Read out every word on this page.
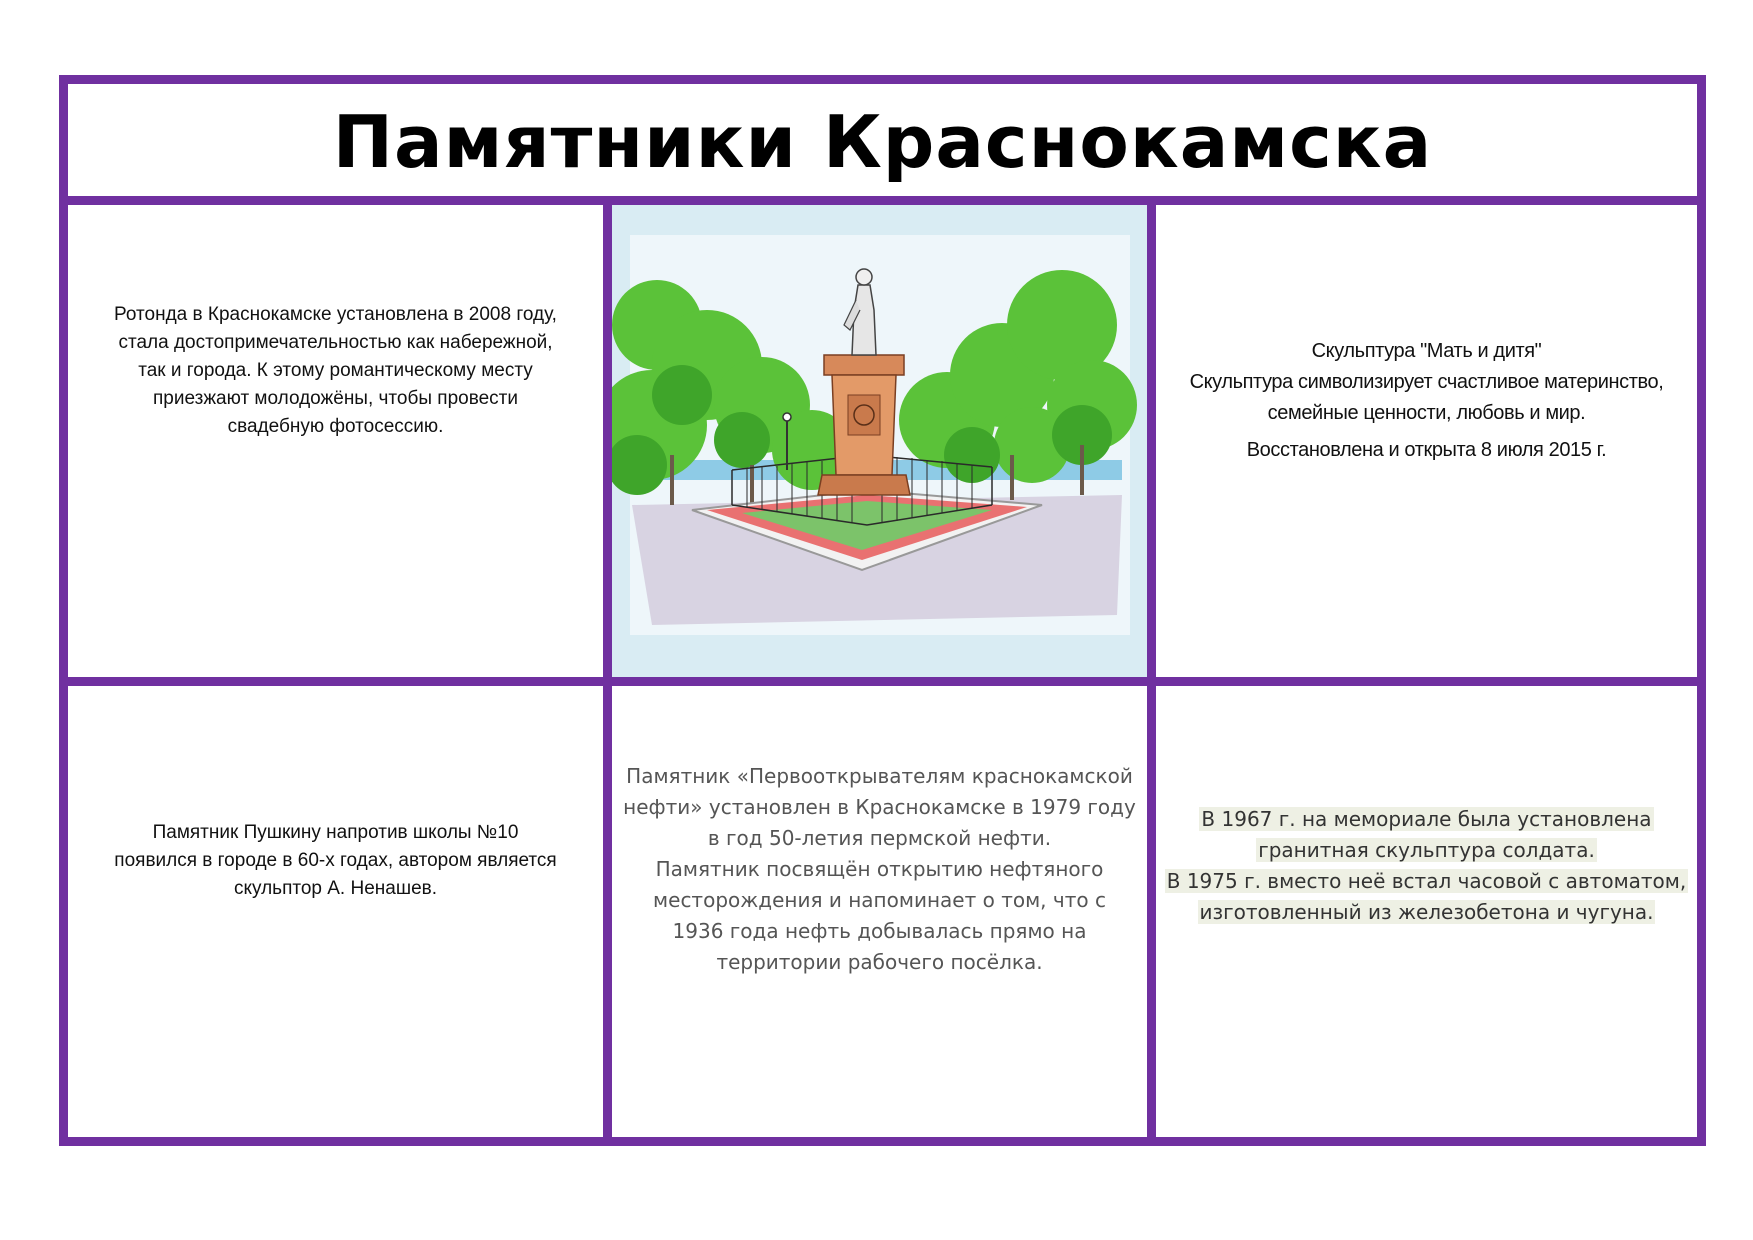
Памятники Краснокамска
Ротонда в Краснокамске установлена в 2008 году,
стала достопримечательностью как набережной,
так и города. К этому романтическому месту
приезжают молодожёны, чтобы провести
свадебную фотосессию.
Скульптура "Мать и дитя"
Скульптура символизирует счастливое материнство,
семейные ценности, любовь и мир.
Восстановлена и открыта 8 июля 2015 г.
Памятник Пушкину напротив школы №10
появился в городе в 60-х годах, автором является
скульптор А. Ненашев.
Памятник «Первооткрывателям краснокамской
нефти» установлен в Краснокамске в 1979 году
в год 50-летия пермской нефти.
Памятник посвящён открытию нефтяного
месторождения и напоминает о том, что с
1936 года нефть добывалась прямо на
территории рабочего посёлка.
В 1967 г. на мемориале была установлена
гранитная скульптура солдата.
В 1975 г. вместо неё встал часовой с автоматом,
изготовленный из железобетона и чугуна.
